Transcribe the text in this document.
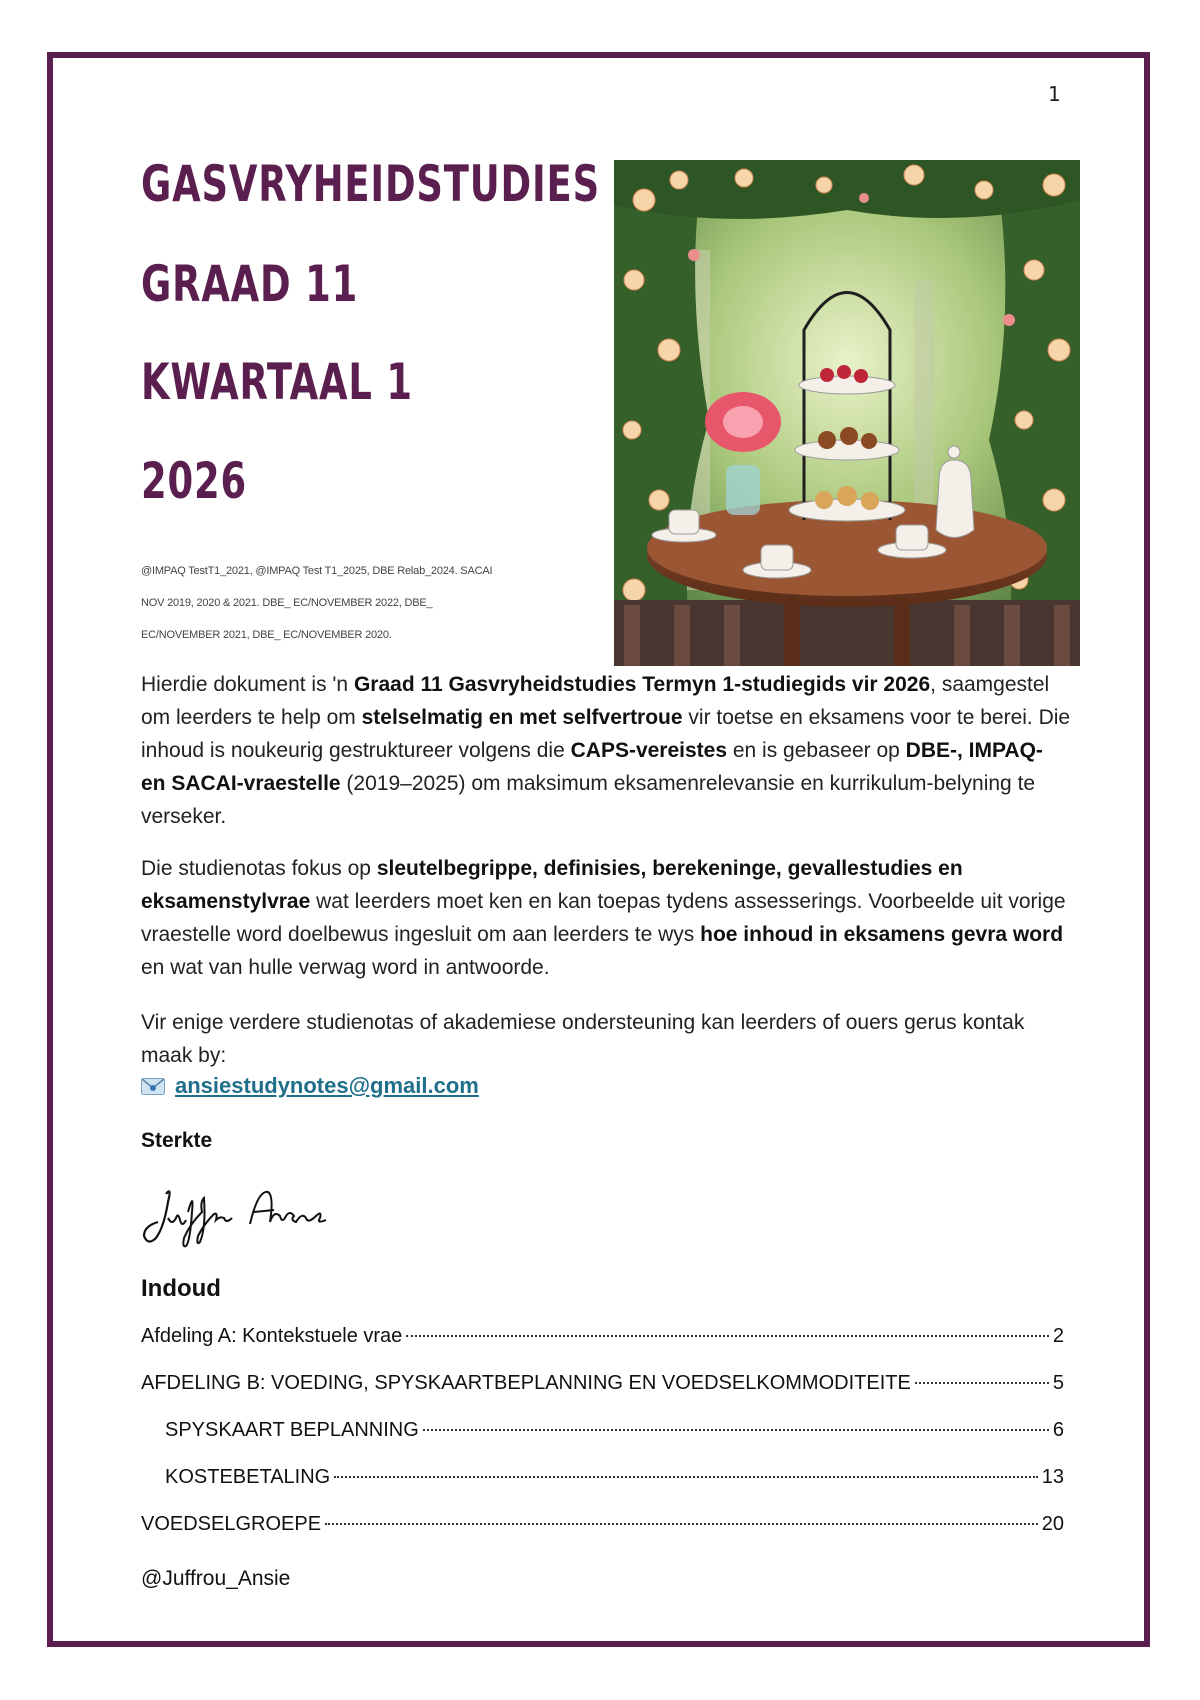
1
GASVRYHEIDSTUDIES
GRAAD 11
KWARTAAL 1
2026
@IMPAQ TestT1_2021, @IMPAQ Test T1_2025, DBE Relab_2024. SACAI
NOV 2019, 2020 & 2021. DBE_ EC/NOVEMBER 2022, DBE_
EC/NOVEMBER 2021, DBE_ EC/NOVEMBER 2020.

Hierdie dokument is 'n Graad 11 Gasvryheidstudies Termyn 1-studiegids vir 2026, saamgestel om leerders te help om stelselmatig en met selfvertroue vir toetse en eksamens voor te berei. Die inhoud is noukeurig gestruktureer volgens die CAPS-vereistes en is gebaseer op DBE-, IMPAQ- en SACAI-vraestelle (2019–2025) om maksimum eksamenrelevansie en kurrikulum-belyning te verseker.

Die studienotas fokus op sleutelbegrippe, definisies, berekeninge, gevallestudies en eksamenstylvrae wat leerders moet ken en kan toepas tydens assesserings. Voorbeelde uit vorige vraestelle word doelbewus ingesluit om aan leerders te wys hoe inhoud in eksamens gevra word en wat van hulle verwag word in antwoorde.

Vir enige verdere studienotas of akademiese ondersteuning kan leerders of ouers gerus kontak maak by:

ansiestudynotes@gmail.com
Sterkte
Indoud
Afdeling A: Kontekstuele vrae	2
AFDELING B: VOEDING, SPYSKAARTBEPLANNING EN VOEDSELKOMMODITEITE	5
SPYSKAART BEPLANNING	6
KOSTEBETALING	13
VOEDSELGROEPE	20
@Juffrou_Ansie
